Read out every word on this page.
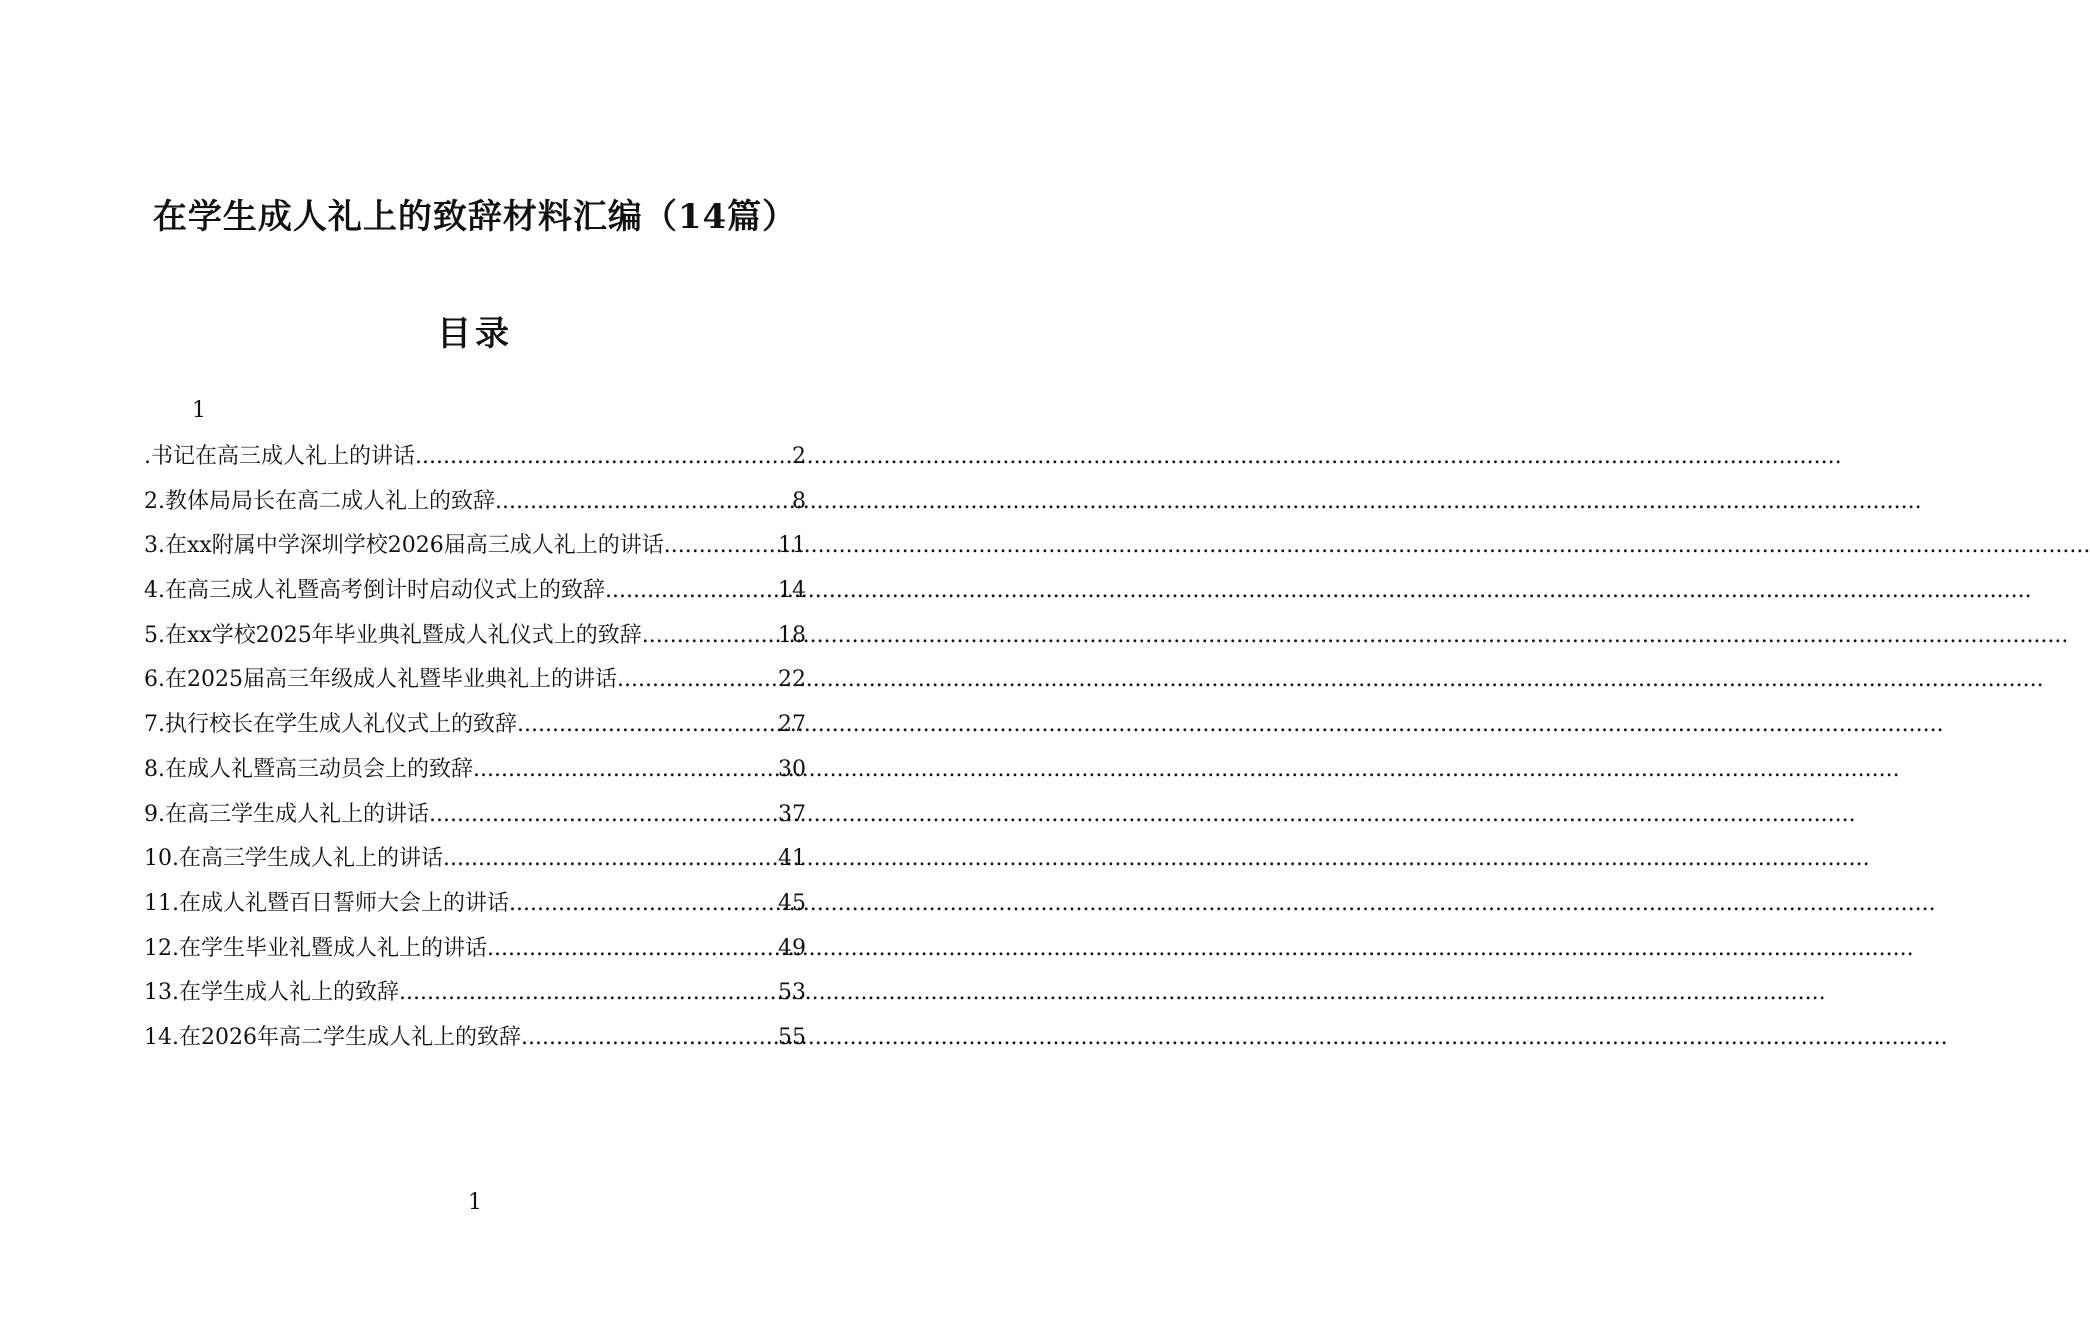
在学生成人礼上的致辞材料汇编（14篇）
目录
1
.书记在高三成人礼上的讲话 .....	2
2.教体局局长在高二成人礼上的致辞 .....	8
3.在xx附属中学深圳学校2026届高三成人礼上的讲话 .....	11
4.在高三成人礼暨高考倒计时启动仪式上的致辞 .....	14
5.在xx学校2025年毕业典礼暨成人礼仪式上的致辞 .....	18
6.在2025届高三年级成人礼暨毕业典礼上的讲话 .....	22
7.执行校长在学生成人礼仪式上的致辞 .....	27
8.在成人礼暨高三动员会上的致辞 .....	30
9.在高三学生成人礼上的讲话 .....	37
10.在高三学生成人礼上的讲话 .....	41
11.在成人礼暨百日誓师大会上的讲话 .....	45
12.在学生毕业礼暨成人礼上的讲话 .....	49
13.在学生成人礼上的致辞 .....	53
14.在2026年高二学生成人礼上的致辞 .....	55
1
